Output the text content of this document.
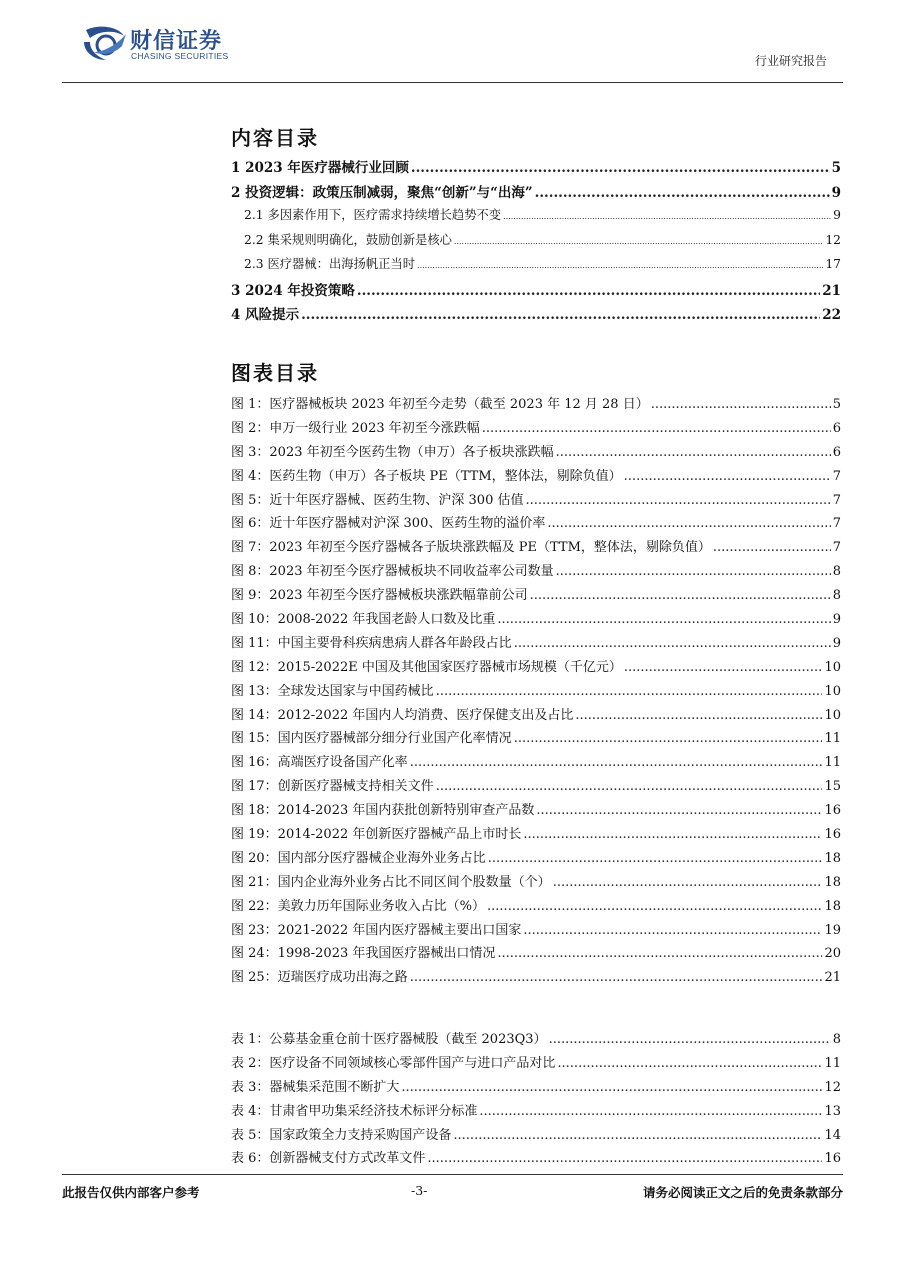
财信证券
CHASING SECURITIES	行业研究报告
内容目录
1 2023 年医疗器械行业回顾 .....	5
2 投资逻辑：政策压制减弱，聚焦“创新”与“出海” .....	9
2.1 多因素作用下，医疗需求持续增长趋势不变 .....	9
2.2 集采规则明确化，鼓励创新是核心 .....	12
2.3 医疗器械：出海扬帆正当时 .....	17
3 2024 年投资策略 .....	21
4 风险提示 .....	22
图表目录
图 1：医疗器械板块 2023 年初至今走势（截至 2023 年 12 月 28 日） .....	5
图 2：申万一级行业 2023 年初至今涨跌幅 .....	6
图 3：2023 年初至今医药生物（申万）各子板块涨跌幅 .....	6
图 4：医药生物（申万）各子板块 PE（TTM，整体法，剔除负值） .....	7
图 5：近十年医疗器械、医药生物、沪深 300 估值 .....	7
图 6：近十年医疗器械对沪深 300、医药生物的溢价率 .....	7
图 7：2023 年初至今医疗器械各子版块涨跌幅及 PE（TTM，整体法，剔除负值） .....	7
图 8：2023 年初至今医疗器械板块不同收益率公司数量 .....	8
图 9：2023 年初至今医疗器械板块涨跌幅靠前公司 .....	8
图 10：2008-2022 年我国老龄人口数及比重 .....	9
图 11：中国主要骨科疾病患病人群各年龄段占比 .....	9
图 12：2015-2022E 中国及其他国家医疗器械市场规模（千亿元） .....	10
图 13：全球发达国家与中国药械比 .....	10
图 14：2012-2022 年国内人均消费、医疗保健支出及占比 .....	10
图 15：国内医疗器械部分细分行业国产化率情况 .....	11
图 16：高端医疗设备国产化率 .....	11
图 17：创新医疗器械支持相关文件 .....	15
图 18：2014-2023 年国内获批创新特别审查产品数 .....	16
图 19：2014-2022 年创新医疗器械产品上市时长 .....	16
图 20：国内部分医疗器械企业海外业务占比 .....	18
图 21：国内企业海外业务占比不同区间个股数量（个） .....	18
图 22：美敦力历年国际业务收入占比（%） .....	18
图 23：2021-2022 年国内医疗器械主要出口国家 .....	19
图 24：1998-2023 年我国医疗器械出口情况 .....	20
图 25：迈瑞医疗成功出海之路 .....	21
表 1：公募基金重仓前十医疗器械股（截至 2023Q3） .....	8
表 2：医疗设备不同领域核心零部件国产与进口产品对比 .....	11
表 3：器械集采范围不断扩大 .....	12
表 4：甘肃省甲功集采经济技术标评分标准 .....	13
表 5：国家政策全力支持采购国产设备 .....	14
表 6：创新器械支付方式改革文件 .....	16
此报告仅供内部客户参考	-3-	请务必阅读正文之后的免责条款部分
